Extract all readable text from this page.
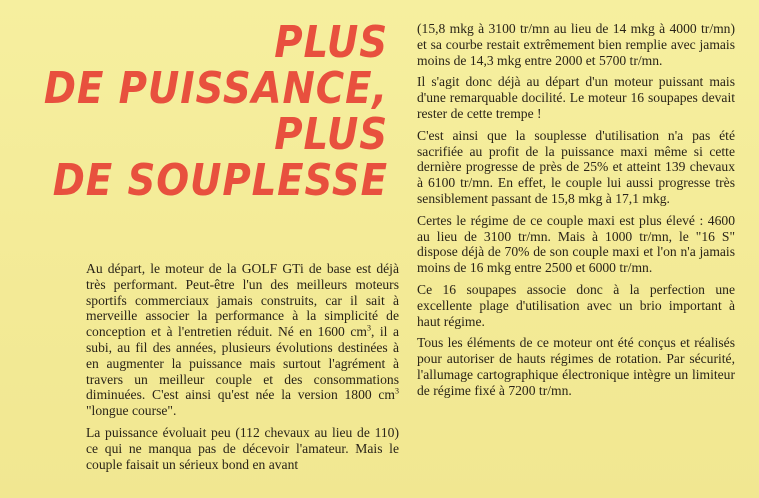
PLUS
DE PUISSANCE,
PLUS
DE SOUPLESSE

Au départ, le moteur de la GOLF GTi de base est déjà très performant. Peut-être l'un des meilleurs moteurs sportifs commerciaux jamais construits, car il sait à merveille associer la performance à la simplicité de conception et à l'entretien réduit. Né en 1600 $cm^3$, il a subi, au fil des années, plusieurs évolutions destinées à en augmenter la puissance mais surtout l'agrément à travers un meilleur couple et des consommations diminuées. C'est ainsi qu'est née la version 1800 $cm^3$ "longue course".

La puissance évoluait peu (112 chevaux au lieu de 110) ce qui ne manqua pas de décevoir l'amateur. Mais le couple faisait un sérieux bond en avant

(15,8 mkg à 3100 tr/mn au lieu de 14 mkg à 4000 tr/mn) et sa courbe restait extrêmement bien remplie avec jamais moins de 14,3 mkg entre 2000 et 5700 tr/mn.

Il s'agit donc déjà au départ d'un moteur puissant mais d'une remarquable docilité. Le moteur 16 soupapes devait rester de cette trempe !

C'est ainsi que la souplesse d'utilisation n'a pas été sacrifiée au profit de la puissance maxi même si cette dernière progresse de près de 25% et atteint 139 chevaux à 6100 tr/mn. En effet, le couple lui aussi progresse très sensiblement passant de 15,8 mkg à 17,1 mkg.

Certes le régime de ce couple maxi est plus élevé : 4600 au lieu de 3100 tr/mn. Mais à 1000 tr/mn, le "16 S" dispose déjà de 70% de son couple maxi et l'on n'a jamais moins de 16 mkg entre 2500 et 6000 tr/mn.

Ce 16 soupapes associe donc à la perfection une excellente plage d'utilisation avec un brio important à haut régime.

Tous les éléments de ce moteur ont été conçus et réalisés pour autoriser de hauts régimes de rotation. Par sécurité, l'allumage cartographique électronique intègre un limiteur de régime fixé à 7200 tr/mn.
